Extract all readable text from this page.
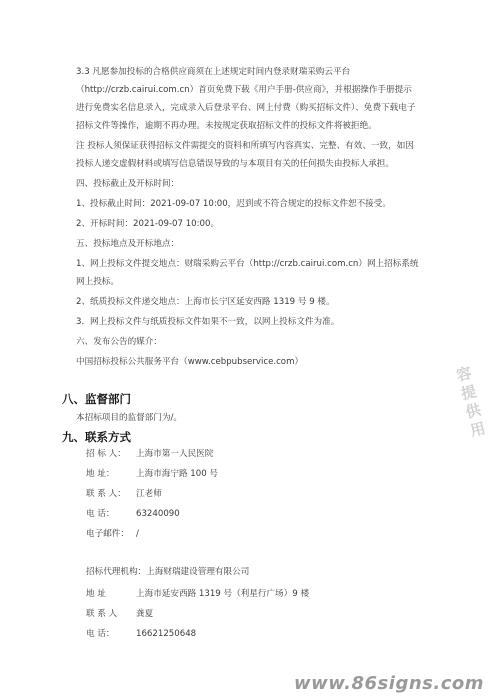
3.3 凡愿参加投标的合格供应商须在上述规定时间内登录财瑞采购云平台
（http://crzb.cairui.com.cn）首页免费下载《用户手册-供应商》，并根据操作手册提示
进行免费实名信息录入，完成录入后登录平台、网上付费（购买招标文件）、免费下载电子
招标文件等操作，逾期不再办理。未按规定获取招标文件的投标文件将被拒绝。
注 投标人须保证获得招标文件需提交的资料和所填写内容真实、完整、有效、一致，如因
投标人递交虚假材料或填写信息错误导致的与本项目有关的任何损失由投标人承担。
四、投标截止及开标时间：
1、投标截止时间：2021-09-07 10:00，迟到或不符合规定的投标文件恕不接受。
2、开标时间：2021-09-07 10:00。
五、投标地点及开标地点：
1、网上投标文件提交地点：财瑞采购云平台（http://crzb.cairui.com.cn）网上招标系统
网上投标。
2、纸质投标文件递交地点：上海市长宁区延安西路 1319 号 9 楼。
3．网上投标文件与纸质投标文件如果不一致，以网上投标文件为准。
六、发布公告的媒介：
中国招标投标公共服务平台（www.cebpubservice.com）
八、监督部门
本招标项目的监督部门为/。
九、联系方式
招 标 人：	上海市第一人民医院
地 址：	上海市海宁路 100 号
联 系 人：	江老师
电 话：	63240090
电子邮件： /
招标代理机构： 上海财瑞建设管理有限公司
地 址	上海市延安西路 1319 号（利星行广场）9 楼
联 系 人	龚夏
电 话：	16621250648
容
提
供
用
www.86signs.com
